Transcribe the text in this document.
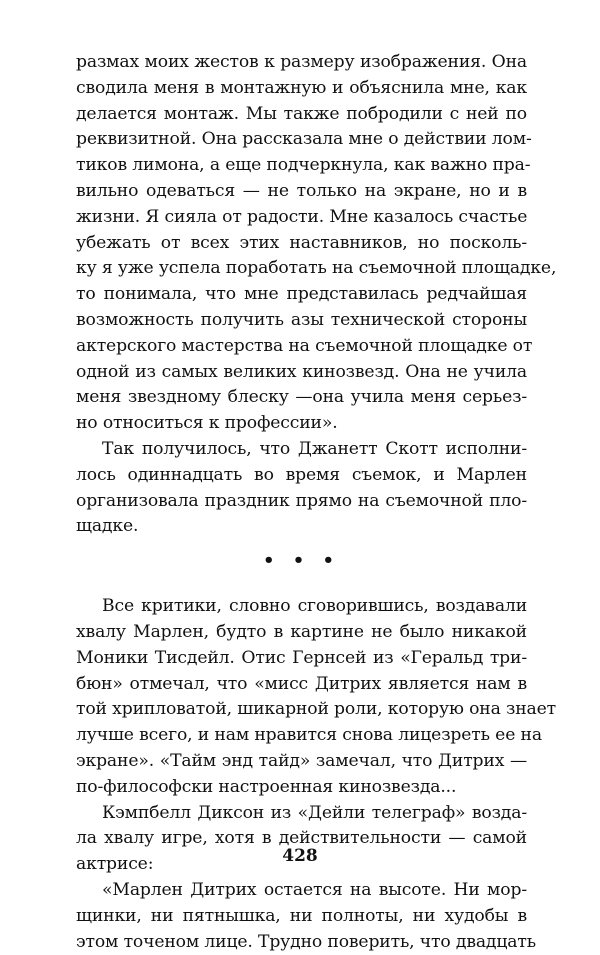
размах моих жестов к размеру изображения. Она
сводила меня в монтажную и объяснила мне, как
делается монтаж. Мы также побродили с ней по
реквизитной. Она рассказала мне о действии лом-
тиков лимона, а еще подчеркнула, как важно пра-
вильно одеваться — не только на экране, но и в
жизни. Я сияла от радости. Мне казалось счастье
убежать от всех этих наставников, но посколь-
ку я уже успела поработать на съемочной площадке,
то понимала, что мне представилась редчайшая
возможность получить азы технической стороны
актерского мастерства на съемочной площадке от
одной из самых великих кинозвезд. Она не учила
меня звездному блеску —она учила меня серьез-
но относиться к профессии».

Так получилось, что Джанетт Скотт исполни-
лось одиннадцать во время съемок, и Марлен
организовала праздник прямо на съемочной пло-
щадке.

• • •

Все критики, словно сговорившись, воздавали
хвалу Марлен, будто в картине не было никакой
Моники Тисдейл. Отис Гернсей из «Геральд три-
бюн» отмечал, что «мисс Дитрих является нам в
той хрипловатой, шикарной роли, которую она знает
лучше всего, и нам нравится снова лицезреть ее на
экране». «Тайм энд тайд» замечал, что Дитрих —
по-философски настроенная кинозвезда...

Кэмпбелл Диксон из «Дейли телеграф» возда-
ла хвалу игре, хотя в действительности — самой
актрисе:

«Марлен Дитрих остается на высоте. Ни мор-
щинки, ни пятнышка, ни полноты, ни худобы в
этом точеном лице. Трудно поверить, что двадцать

428
